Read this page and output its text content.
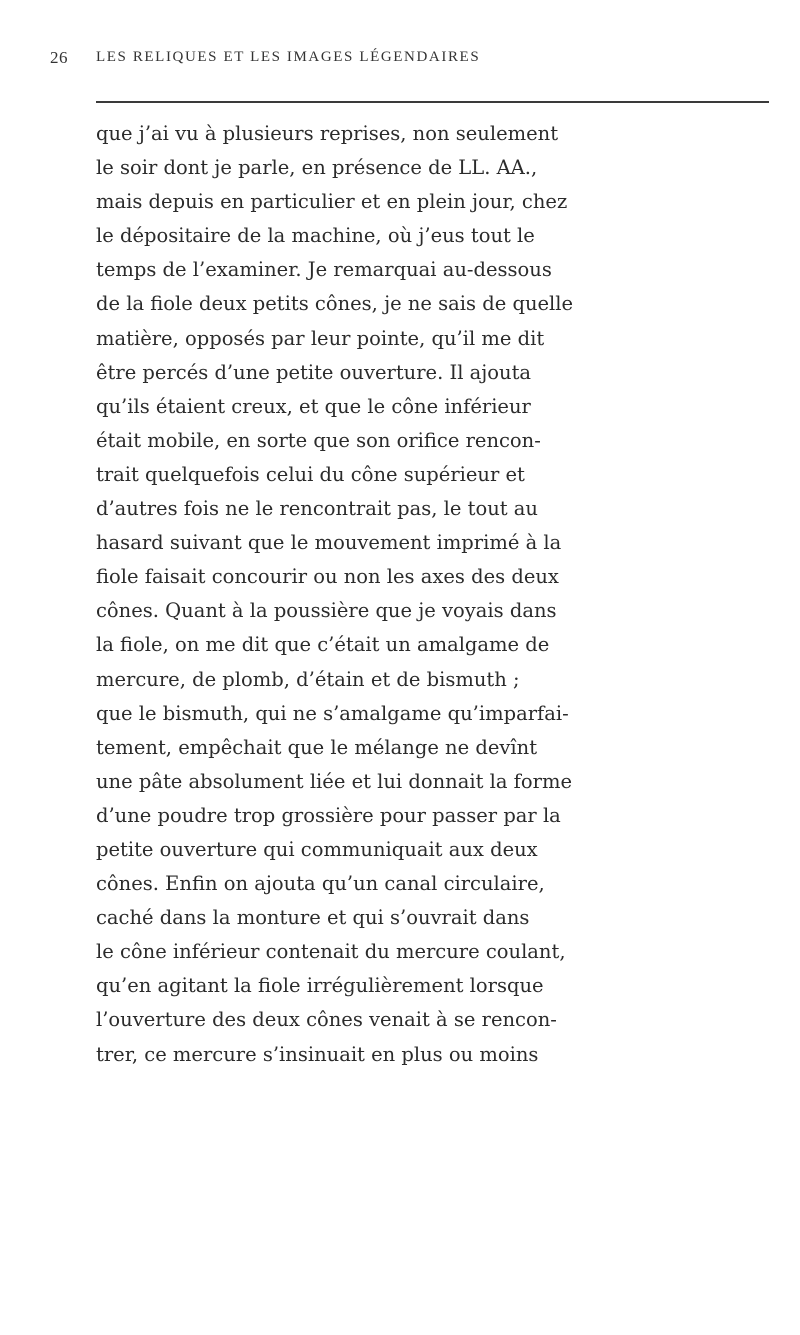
26 LES RELIQUES ET LES IMAGES LÉGENDAIRES
que j’ai vu à plusieurs reprises, non seulement
le soir dont je parle, en présence de LL. AA.,
mais depuis en particulier et en plein jour, chez
le dépositaire de la machine, où j’eus tout le
temps de l’examiner. Je remarquai au-dessous
de la fiole deux petits cônes, je ne sais de quelle
matière, opposés par leur pointe, qu’il me dit
être percés d’une petite ouverture. Il ajouta
qu’ils étaient creux, et que le cône inférieur
était mobile, en sorte que son orifice rencon-
trait quelquefois celui du cône supérieur et
d’autres fois ne le rencontrait pas, le tout au
hasard suivant que le mouvement imprimé à la
fiole faisait concourir ou non les axes des deux
cônes. Quant à la poussière que je voyais dans
la fiole, on me dit que c’était un amalgame de
mercure, de plomb, d’étain et de bismuth ;
que le bismuth, qui ne s’amalgame qu’imparfai-
tement, empêchait que le mélange ne devînt
une pâte absolument liée et lui donnait la forme
d’une poudre trop grossière pour passer par la
petite ouverture qui communiquait aux deux
cônes. Enfin on ajouta qu’un canal circulaire,
caché dans la monture et qui s’ouvrait dans
le cône inférieur contenait du mercure coulant,
qu’en agitant la fiole irrégulièrement lorsque
l’ouverture des deux cônes venait à se rencon-
trer, ce mercure s’insinuait en plus ou moins
